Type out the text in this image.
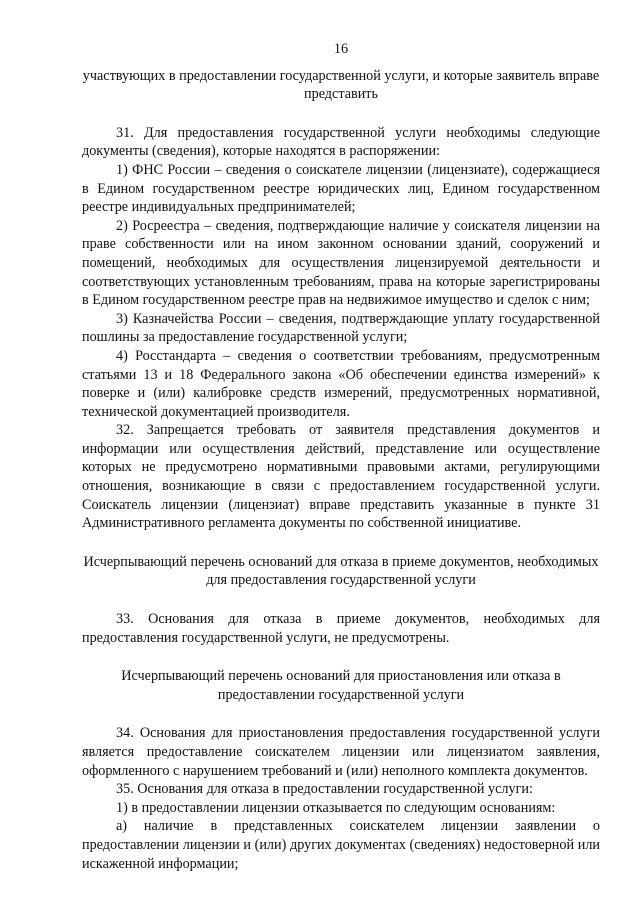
16
участвующих в предоставлении государственной услуги, и которые заявитель вправе представить

31. Для предоставления государственной услуги необходимы следующие документы (сведения), которые находятся в распоряжении:

1) ФНС России – сведения о соискателе лицензии (лицензиате), содержащиеся в Едином государственном реестре юридических лиц, Едином государственном реестре индивидуальных предпринимателей;

2) Росреестра – сведения, подтверждающие наличие у соискателя лицензии на праве собственности или на ином законном основании зданий, сооружений и помещений, необходимых для осуществления лицензируемой деятельности и соответствующих установленным требованиям, права на которые зарегистрированы в Едином государственном реестре прав на недвижимое имущество и сделок с ним;

3) Казначейства России – сведения, подтверждающие уплату государственной пошлины за предоставление государственной услуги;

4) Росстандарта – сведения о соответствии требованиям, предусмотренным статьями 13 и 18 Федерального закона «Об обеспечении единства измерений» к поверке и (или) калибровке средств измерений, предусмотренных нормативной, технической документацией производителя.

32. Запрещается требовать от заявителя представления документов и информации или осуществления действий, представление или осуществление которых не предусмотрено нормативными правовыми актами, регулирующими отношения, возникающие в связи с предоставлением государственной услуги. Соискатель лицензии (лицензиат) вправе представить указанные в пункте 31 Административного регламента документы по собственной инициативе.

Исчерпывающий перечень оснований для отказа в приеме документов, необходимых для предоставления государственной услуги

33. Основания для отказа в приеме документов, необходимых для предоставления государственной услуги, не предусмотрены.

Исчерпывающий перечень оснований для приостановления или отказа в предоставлении государственной услуги

34. Основания для приостановления предоставления государственной услуги является предоставление соискателем лицензии или лицензиатом заявления, оформленного с нарушением требований и (или) неполного комплекта документов.

35. Основания для отказа в предоставлении государственной услуги:

1) в предоставлении лицензии отказывается по следующим основаниям:

а) наличие в представленных соискателем лицензии заявлении о предоставлении лицензии и (или) других документах (сведениях) недостоверной или искаженной информации;
